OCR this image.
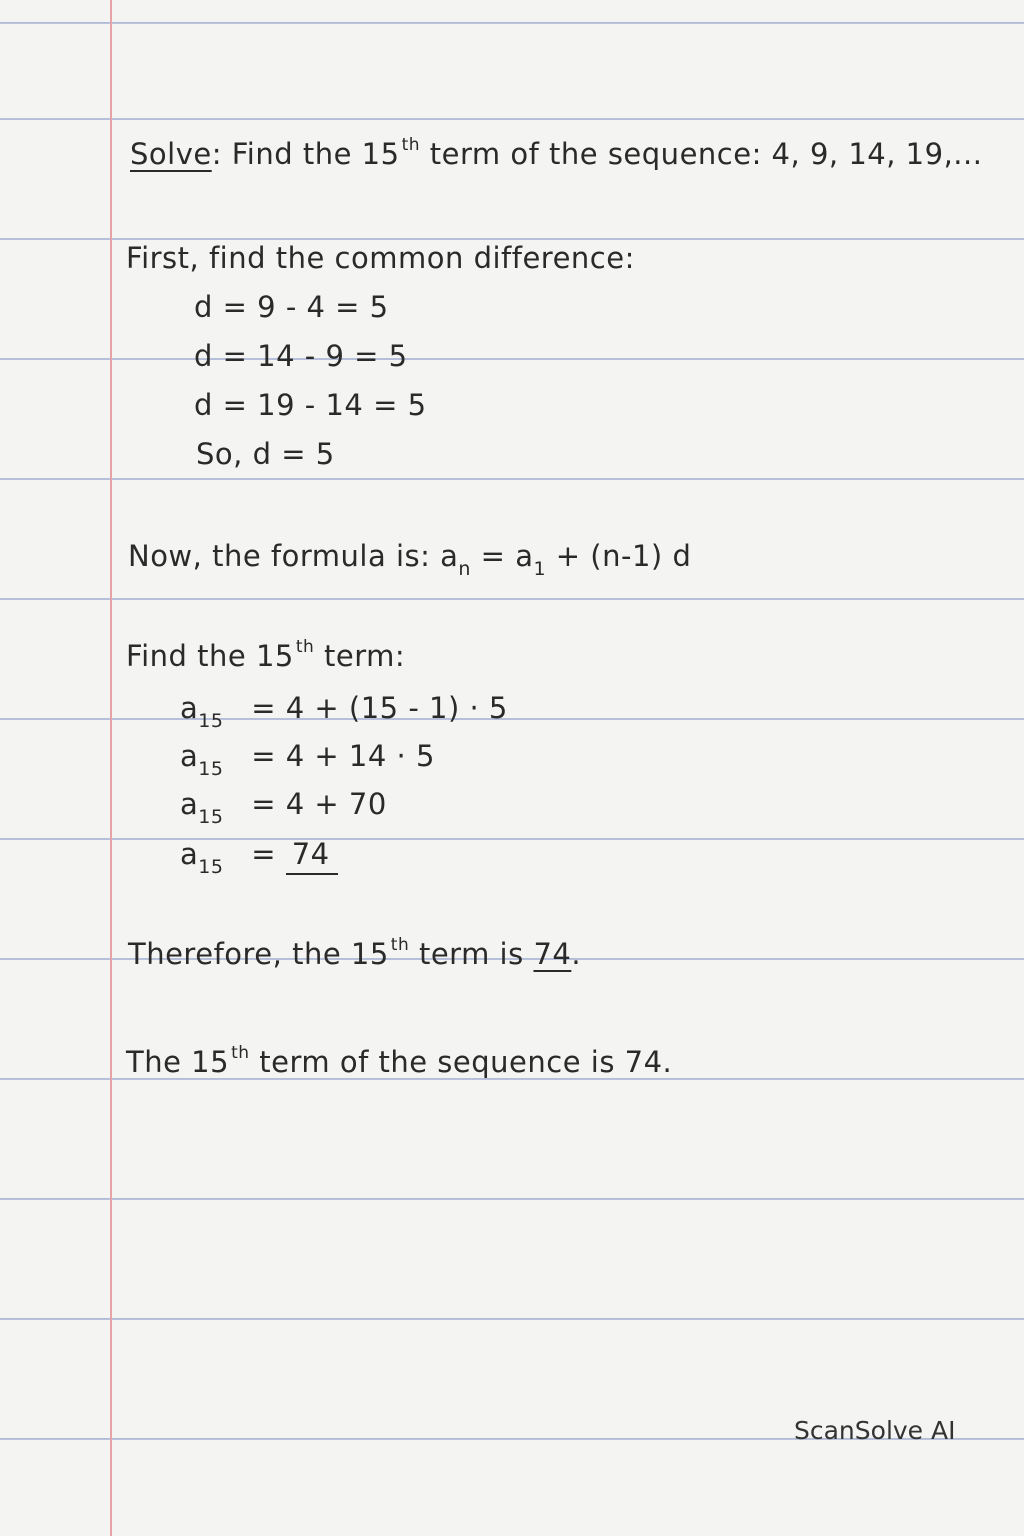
Solve: Find the 15 $^{th}$ term of the sequence: 4, 9, 14, 19,...
First, find the common difference:
d = 9 - 4 = 5
d = 14 - 9 = 5
d = 19 - 14 = 5
So, d = 5
Now, the formula is: $a_n = a_1 + (n-1)$ d
Find the 15 $^{th}$ term:
$a_{15} = 4 + (15 - 1) \cdot 5$
$a_{15} = 4 + 14 \cdot 5$
$a_{15} = 4 + 70$
$a_{15} = 74$
Therefore, the 15 $^{th}$ term is 74.
The 15 $^{th}$ term of the sequence is 74.
ScanSolve AI
